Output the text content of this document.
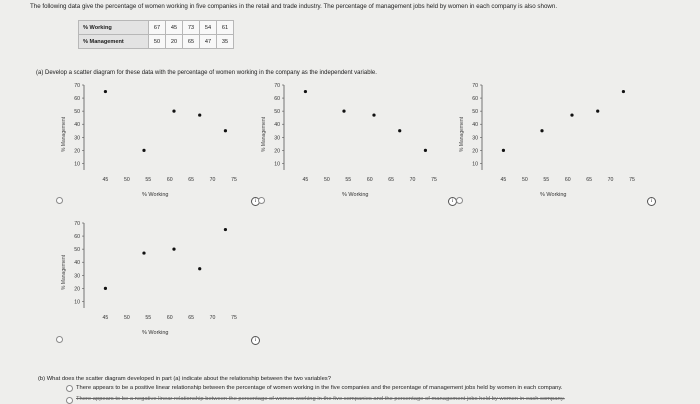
The following data give the percentage of women working in five companies in the retail and trade industry. The percentage of management jobs held by women in each company is also shown.
% Working	67	45	73	54	61
% Management	50	20	65	47	35
(a) Develop a scatter diagram for these data with the percentage of women working in the company as the independent variable.
10
20
30
40
50
60
70
45	50	55	60	65	70	75
% Management
% Working
10
20
30
40
50
60
70
45	50	55	60	65	70	75
% Management
% Working
10
20
30
40
50
60
70
45	50	55	60	65	70	75
% Management
% Working
10
20
30
40
50
60
70
45	50	55	60	65	70	75
% Management
% Working
i	i	i
i
(b) What does the scatter diagram developed in part (a) indicate about the relationship between the two variables?
There appears to be a positive linear relationship between the percentage of women working in the five companies and the percentage of management jobs held by women in each company.
There appears to be a negative linear relationship between the percentage of women working in the five companies and the percentage of management jobs held by women in each company.
